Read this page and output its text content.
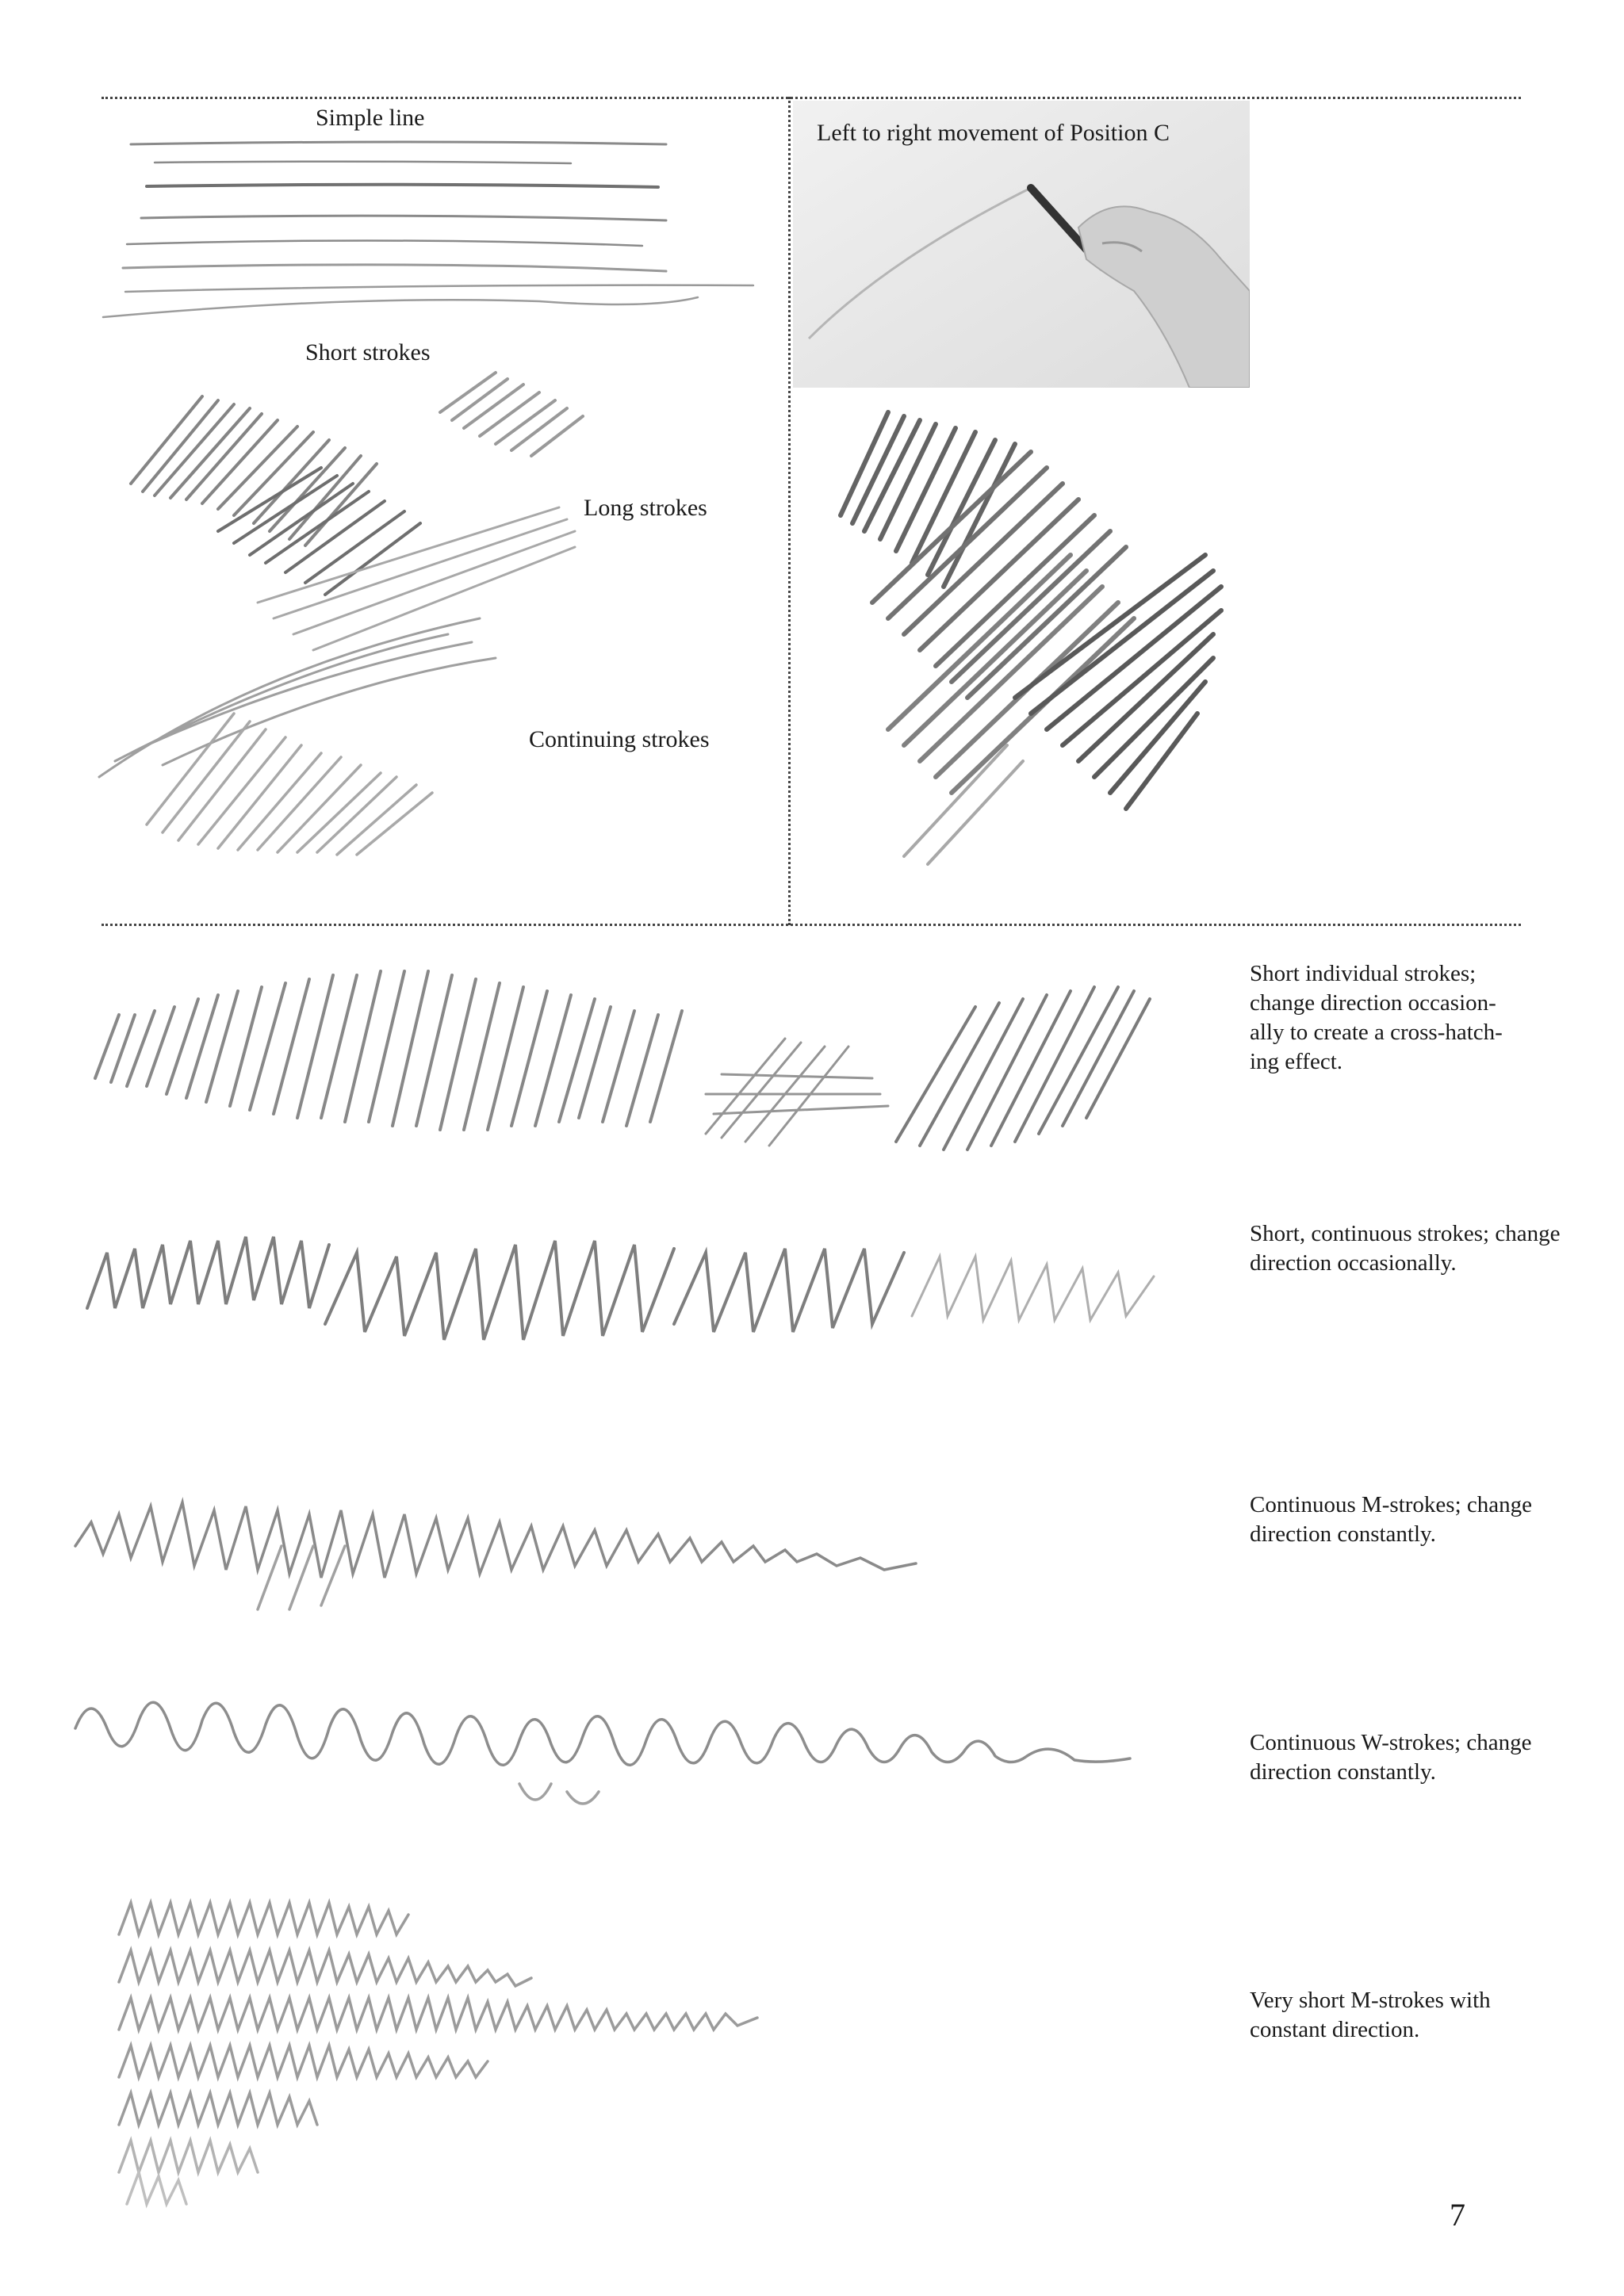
Simple line
Short strokes
Long strokes
Continuing strokes
Left to right movement of Position C
Short individual strokes;
change direction occasion-
ally to create a cross-hatch-
ing effect.
Short, continuous strokes; change
direction occasionally.
Continuous M-strokes; change
direction constantly.
Continuous W-strokes; change
direction constantly.
Very short M-strokes with
constant direction.
7
